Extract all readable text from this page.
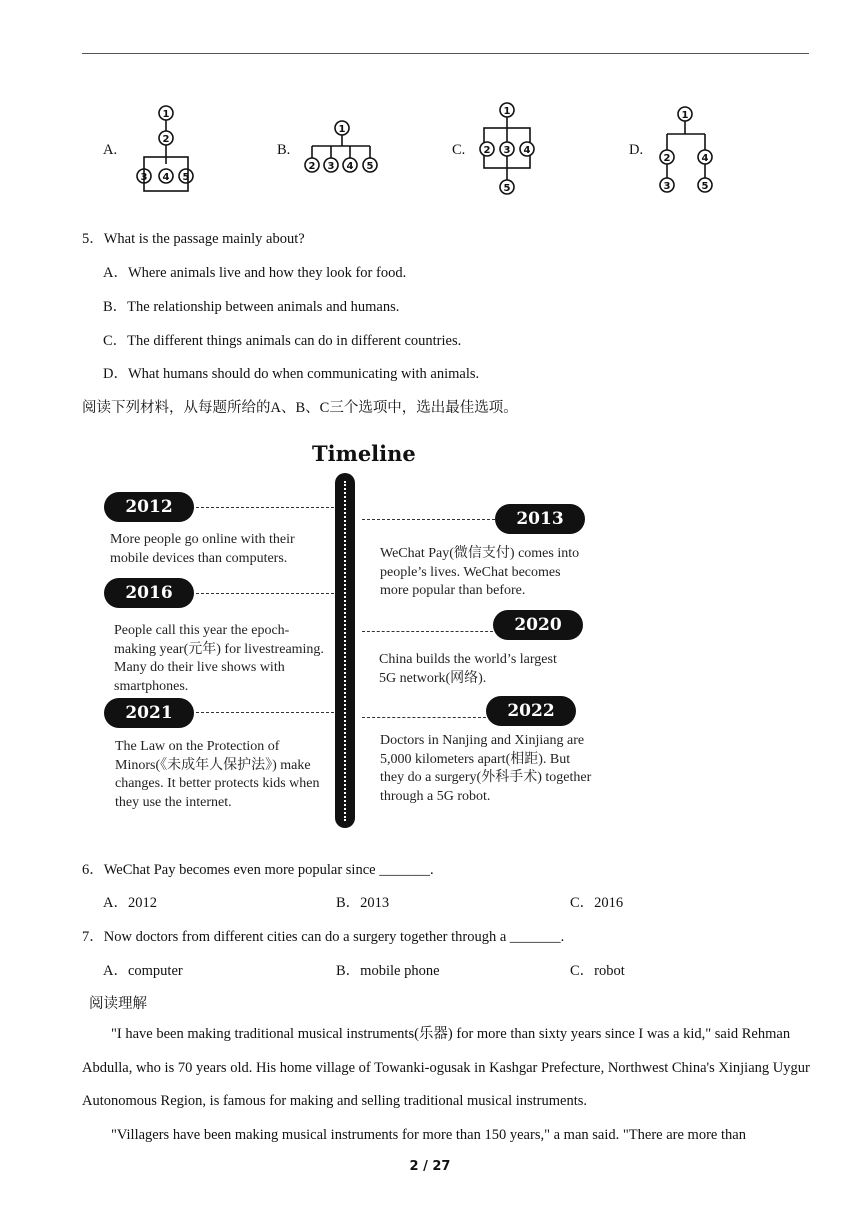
A.
1
2
3 4 5
B.
1
2 3 4 5
C.
1
2 3 4
5
D.
1
2	4
3	5
5．What is the passage mainly about?
A．Where animals live and how they look for food.
B．The relationship between animals and humans.
C．The different things animals can do in different countries.
D．What humans should do when communicating with animals.
阅读下列材料，从每题所给的A、B、C三个选项中，选出最佳选项。
Timeline
2012
More people go online with their mobile devices than computers.
2013
WeChat Pay(微信支付) comes into people’s lives. WeChat becomes more popular than before.
2016
People call this year the epoch-making year(元年) for livestreaming. Many do their live shows with smartphones.
2020
China builds the world’s largest 5G network(网络).
2021
The Law on the Protection of Minors(《未成年人保护法》) make changes. It better protects kids when they use the internet.
2022
Doctors in Nanjing and Xinjiang are 5,000 kilometers apart(相距). But they do a surgery(外科手术) together through a 5G robot.
6．WeChat Pay becomes even more popular since _______.
A．2012	B．2013	C．2016
7．Now doctors from different cities can do a surgery together through a _______.
A．computer	B．mobile phone	C．robot
阅读理解
"I have been making traditional musical instruments(乐器) for more than sixty years since I was a kid," said Rehman Abdulla, who is 70 years old. His home village of Towanki-ogusak in Kashgar Prefecture, Northwest China's Xinjiang Uygur Autonomous Region, is famous for making and selling traditional musical instruments.
"Villagers have been making musical instruments for more than 150 years," a man said. "There are more than
2 / 27
